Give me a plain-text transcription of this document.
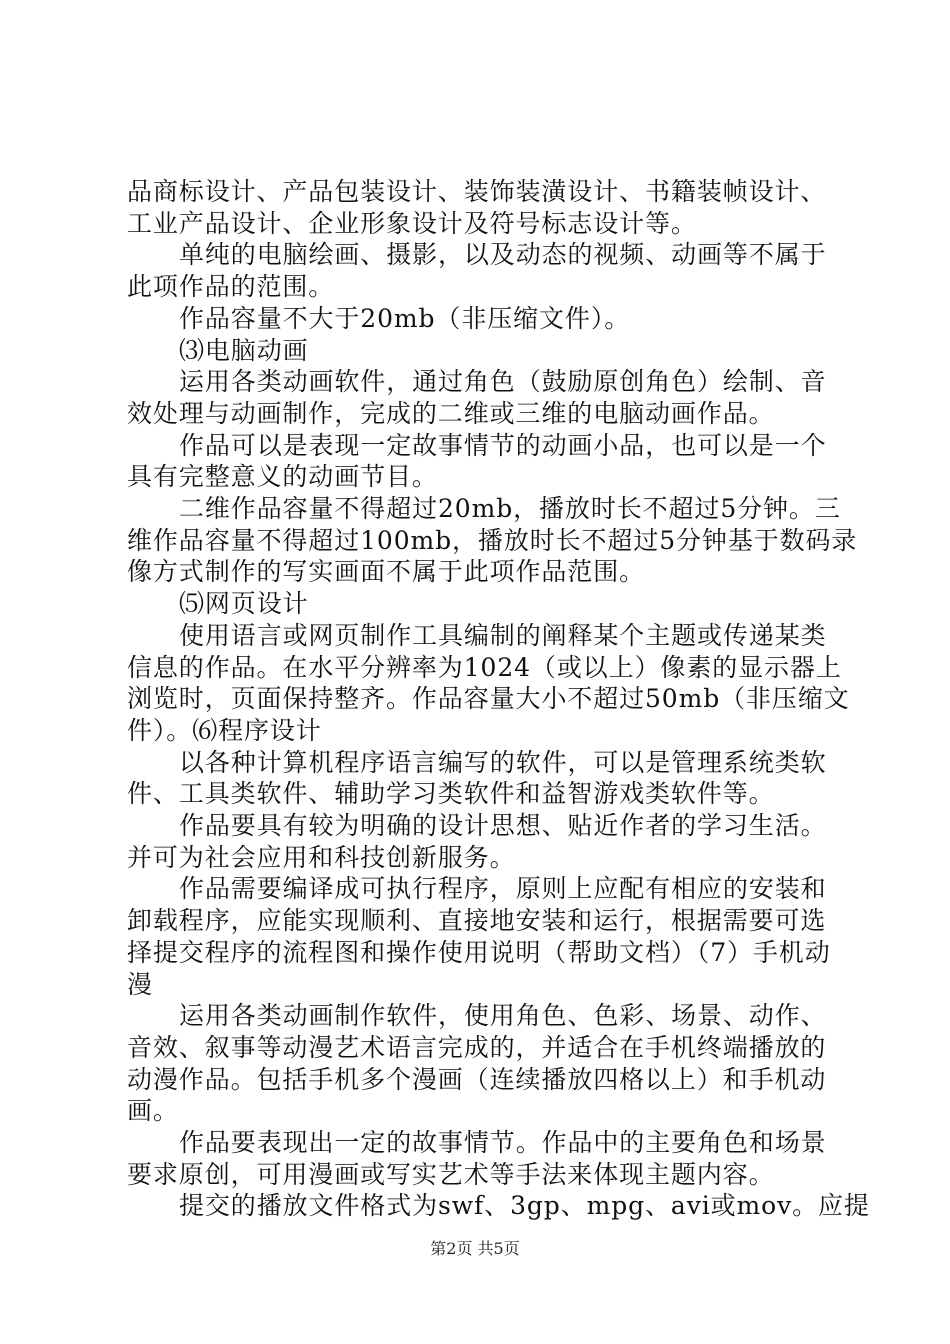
品商标设计、产品包装设计、装饰装潢设计、书籍装帧设计、
工业产品设计、企业形象设计及符号标志设计等。
单纯的电脑绘画、摄影，以及动态的视频、动画等不属于
此项作品的范围。
作品容量不大于20mb（非压缩文件）。
⑶电脑动画
运用各类动画软件，通过角色（鼓励原创角色）绘制、音
效处理与动画制作，完成的二维或三维的电脑动画作品。
作品可以是表现一定故事情节的动画小品，也可以是一个
具有完整意义的动画节目。
二维作品容量不得超过20mb，播放时长不超过5分钟。三
维作品容量不得超过100mb，播放时长不超过5分钟基于数码录
像方式制作的写实画面不属于此项作品范围。
⑸网页设计
使用语言或网页制作工具编制的阐释某个主题或传递某类
信息的作品。在水平分辨率为1024（或以上）像素的显示器上
浏览时，页面保持整齐。作品容量大小不超过50mb（非压缩文
件）。⑹程序设计
以各种计算机程序语言编写的软件，可以是管理系统类软
件、工具类软件、辅助学习类软件和益智游戏类软件等。
作品要具有较为明确的设计思想、贴近作者的学习生活。
并可为社会应用和科技创新服务。
作品需要编译成可执行程序，原则上应配有相应的安装和
卸载程序，应能实现顺利、直接地安装和运行，根据需要可选
择提交程序的流程图和操作使用说明（帮助文档）（7）手机动
漫
运用各类动画制作软件，使用角色、色彩、场景、动作、
音效、叙事等动漫艺术语言完成的，并适合在手机终端播放的
动漫作品。包括手机多个漫画（连续播放四格以上）和手机动
画。
作品要表现出一定的故事情节。作品中的主要角色和场景
要求原创，可用漫画或写实艺术等手法来体现主题内容。
提交的播放文件格式为swf、3gp、mpg、avi或mov。应提
第2页 共5页
